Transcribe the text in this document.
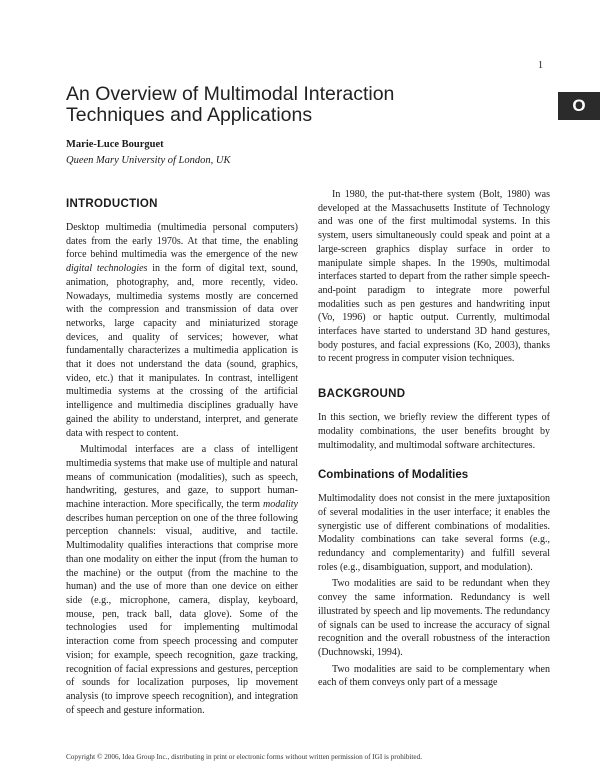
1
O
An Overview of Multimodal Interaction
Techniques and Applications
Marie-Luce Bourguet
Queen Mary University of London, UK
INTRODUCTION

Desktop multimedia (multimedia personal computers) dates from the early 1970s. At that time, the enabling force behind multimedia was the emergence of the new digital technologies in the form of digital text, sound, animation, photography, and, more recently, video. Nowadays, multimedia systems mostly are concerned with the compression and transmission of data over networks, large capacity and miniaturized storage devices, and quality of services; however, what fundamentally characterizes a multimedia application is that it does not understand the data (sound, graphics, video, etc.) that it manipulates. In contrast, intelligent multimedia systems at the crossing of the artificial intelligence and multimedia disciplines gradually have gained the ability to understand, interpret, and generate data with respect to content.

Multimodal interfaces are a class of intelligent multimedia systems that make use of multiple and natural means of communication (modalities), such as speech, handwriting, gestures, and gaze, to support human-machine interaction. More specifically, the term modality describes human perception on one of the three following perception channels: visual, auditive, and tactile. Multimodality qualifies interactions that comprise more than one modality on either the input (from the human to the machine) or the output (from the machine to the human) and the use of more than one device on either side (e.g., microphone, camera, display, keyboard, mouse, pen, track ball, data glove). Some of the technologies used for implementing multimodal interaction come from speech processing and computer vision; for example, speech recognition, gaze tracking, recognition of facial expressions and gestures, perception of sounds for localization purposes, lip movement analysis (to improve speech recognition), and integration of speech and gesture information.

In 1980, the put-that-there system (Bolt, 1980) was developed at the Massachusetts Institute of Technology and was one of the first multimodal systems. In this system, users simultaneously could speak and point at a large-screen graphics display surface in order to manipulate simple shapes. In the 1990s, multimodal interfaces started to depart from the rather simple speech-and-point paradigm to integrate more powerful modalities such as pen gestures and handwriting input (Vo, 1996) or haptic output. Currently, multimodal interfaces have started to understand 3D hand gestures, body postures, and facial expressions (Ko, 2003), thanks to recent progress in computer vision techniques.

BACKGROUND

In this section, we briefly review the different types of modality combinations, the user benefits brought by multimodality, and multimodal software architectures.

Combinations of Modalities

Multimodality does not consist in the mere juxtaposition of several modalities in the user interface; it enables the synergistic use of different combinations of modalities. Modality combinations can take several forms (e.g., redundancy and complementarity) and fulfill several roles (e.g., disambiguation, support, and modulation).

Two modalities are said to be redundant when they convey the same information. Redundancy is well illustrated by speech and lip movements. The redundancy of signals can be used to increase the accuracy of signal recognition and the overall robustness of the interaction (Duchnowski, 1994).

Two modalities are said to be complementary when each of them conveys only part of a message

Copyright © 2006, Idea Group Inc., distributing in print or electronic forms without written permission of IGI is prohibited.
